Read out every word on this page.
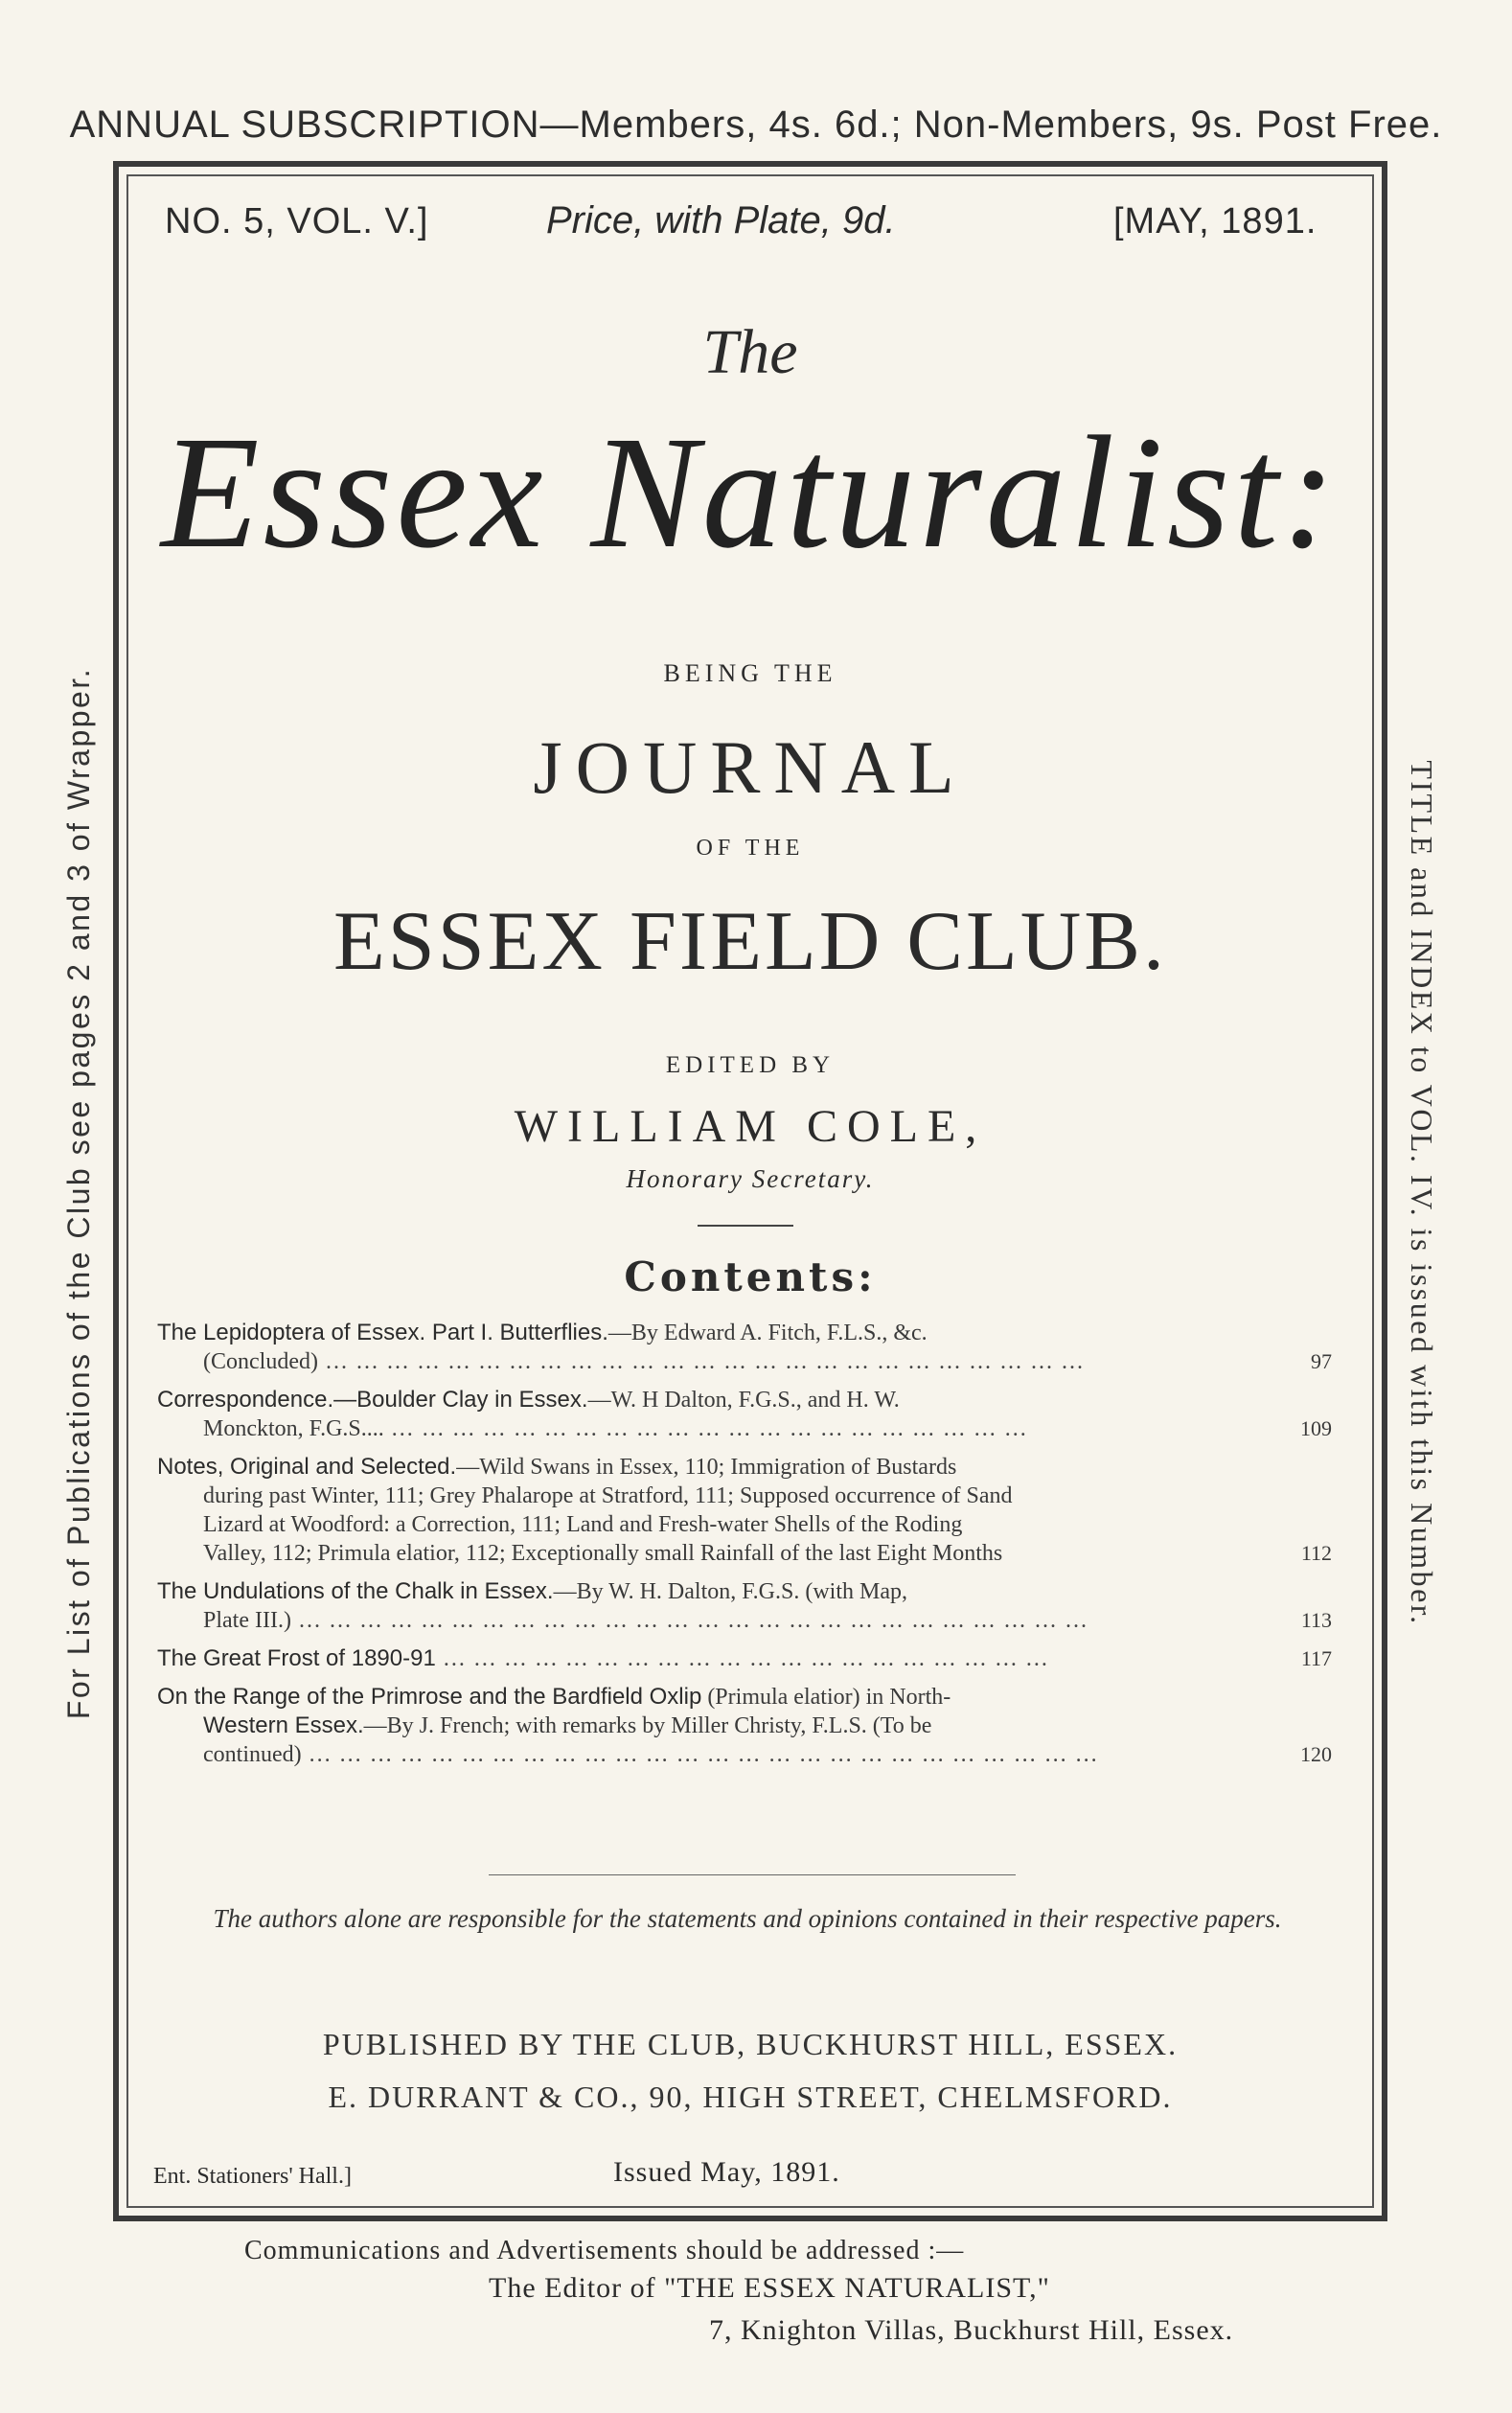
ANNUAL SUBSCRIPTION—Members, 4s. 6d.; Non-Members, 9s. Post Free.
For List of Publications of the Club see pages 2 and 3 of Wrapper.	TITLE and INDEX to VOL. IV. is issued with this Number.
NO. 5, VOL. V.]	Price, with Plate, 9d.	[MAY, 1891.
The
Essex Naturalist:
BEING THE
JOURNAL
OF THE
ESSEX FIELD CLUB.
EDITED BY
WILLIAM COLE,
Honorary Secretary.
Contents:
The Lepidoptera of Essex. Part I. Butterflies.—By Edward A. Fitch, F.L.S., &c.
(Concluded) ... ... ... ... ... ... ... ... ... ... ... ... ... ... ... ... ... ... ... ... ... ... ... ... ...	97
Correspondence.—Boulder Clay in Essex.—W. H Dalton, F.G.S., and H. W.
Monckton, F.G.S.... ... ... ... ... ... ... ... ... ... ... ... ... ... ... ... ... ... ... ... ... ...	109
Notes, Original and Selected.—Wild Swans in Essex, 110; Immigration of Bustards
during past Winter, 111; Grey Phalarope at Stratford, 111; Supposed occurrence of Sand
Lizard at Woodford: a Correction, 111; Land and Fresh-water Shells of the Roding
Valley, 112; Primula elatior, 112; Exceptionally small Rainfall of the last Eight Months	112
The Undulations of the Chalk in Essex.—By W. H. Dalton, F.G.S. (with Map,
Plate III.) ... ... ... ... ... ... ... ... ... ... ... ... ... ... ... ... ... ... ... ... ... ... ... ... ... ...	113
The Great Frost of 1890-91 ... ... ... ... ... ... ... ... ... ... ... ... ... ... ... ... ... ... ... ...	117
On the Range of the Primrose and the Bardfield Oxlip (Primula elatior) in North-
Western Essex.—By J. French; with remarks by Miller Christy, F.L.S. (To be
continued) ... ... ... ... ... ... ... ... ... ... ... ... ... ... ... ... ... ... ... ... ... ... ... ... ... ...	120
The authors alone are responsible for the statements and opinions contained in their respective papers.
PUBLISHED BY THE CLUB, BUCKHURST HILL, ESSEX.
E. DURRANT & CO., 90, HIGH STREET, CHELMSFORD.
Ent. Stationers' Hall.]	Issued May, 1891.
Communications and Advertisements should be addressed :—
The Editor of "THE ESSEX NATURALIST,"
7, Knighton Villas, Buckhurst Hill, Essex.
